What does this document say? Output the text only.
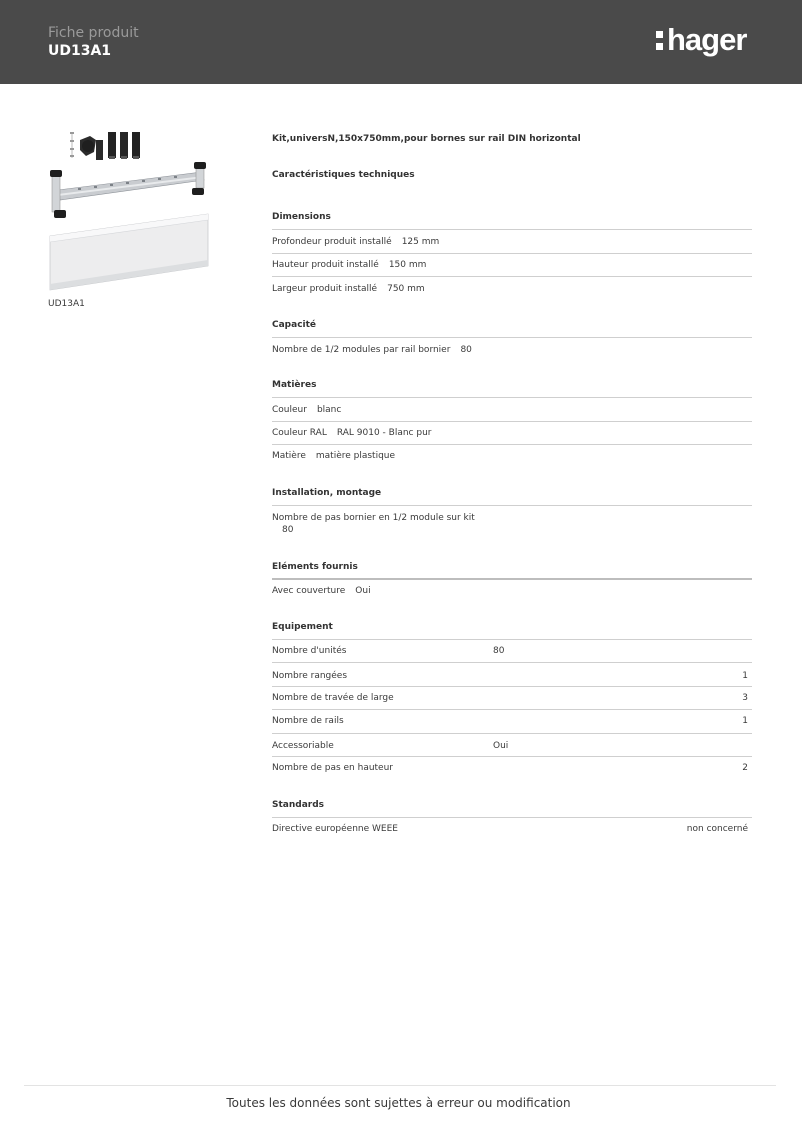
Fiche produit
UD13A1	hager
UD13A1
Kit,universN,150x750mm,pour bornes sur rail DIN horizontal
Caractéristiques techniques
Dimensions
Profondeur produit installé 125 mm
Hauteur produit installé 150 mm
Largeur produit installé 750 mm
Capacité
Nombre de 1/2 modules par rail bornier 80
Matières
Couleur blanc
Couleur RAL RAL 9010 - Blanc pur
Matière matière plastique
Installation, montage
Nombre de pas bornier en 1/2 module sur kit80
Eléments fournis
Avec couverture Oui
Equipement
Nombre d'unités	80
Nombre rangées	1
Nombre de travée de large	3
Nombre de rails	1
Accessoriable	Oui
Nombre de pas en hauteur	2
Standards
Directive européenne WEEE	non concerné
Toutes les données sont sujettes à erreur ou modification
